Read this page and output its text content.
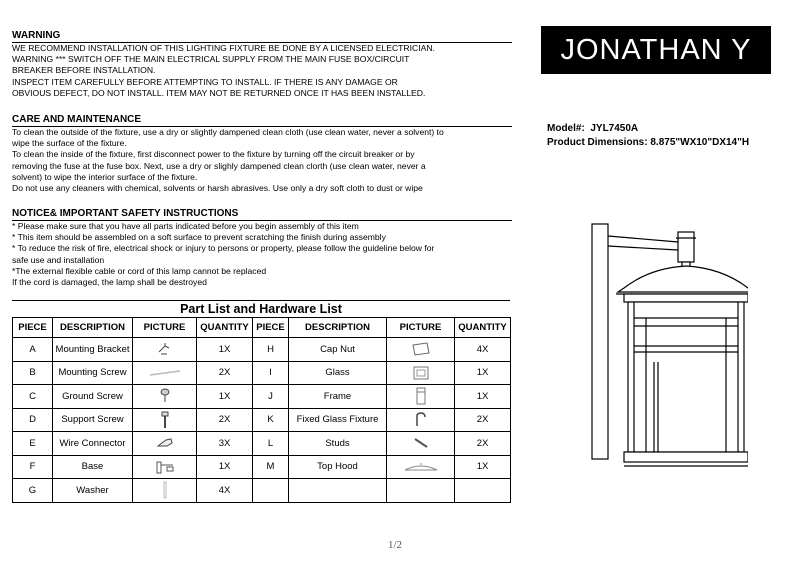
WARNING
WE RECOMMEND INSTALLATION OF THIS LIGHTING FIXTURE BE DONE BY A LICENSED ELECTRICIAN.
WARNING *** SWITCH OFF THE MAIN ELECTRICAL SUPPLY FROM THE MAIN FUSE BOX/CIRCUIT
BREAKER BEFORE INSTALLATION.
INSPECT ITEM CAREFULLY BEFORE ATTEMPTING TO INSTALL. IF THERE IS ANY DAMAGE OR
OBVIOUS DEFECT, DO NOT INSTALL. ITEM MAY NOT BE RETURNED ONCE IT HAS BEEN INSTALLED.
CARE AND MAINTENANCE
To clean the outside of the fixture, use a dry or slightly dampened clean cloth (use clean water, never a solvent) to
wipe the surface of the fixture.
To clean the inside of the fixture, first disconnect power to the fixture by turning off the circuit breaker or by
removing the fuse at the fuse box. Next, use a dry or slighly dampened clean clorth (use clean water, never a
solvent) to wipe the interior surface of the fixture.
Do not use any cleaners with chemical, solvents or harsh abrasives. Use only a dry soft cloth to dust or wipe
NOTICE& IMPORTANT SAFETY INSTRUCTIONS
* Please make sure that you have all parts indicated before you begin assembly of this item
* This item should be assembled on a soft surface to prevent scratching the finish during assembly
* To reduce the risk of fire, electrical shock or injury to persons or property, please follow the guideline below for
safe use and installation
*The external flexible cable or cord of this lamp cannot be replaced
If the cord is damaged, the lamp shall be destroyed
JONATHAN Y
Model#: JYL7450A
Product Dimensions: 8.875"WX10"DX14"H
Part List and Hardware List
PIECE	DESCRIPTION	PICTURE	QUANTITY	PIECE	DESCRIPTION	PICTURE	QUANTITY
A	Mounting Bracket		1X	H	Cap Nut		4X
B	Mounting Screw		2X	I	Glass		1X
C	Ground Screw		1X	J	Frame		1X
D	Support Screw		2X	K	Fixed Glass Fixture		2X
E	Wire Connector		3X	L	Studs		2X
F	Base		1X	M	Top Hood		1X
G	Washer		4X				
1/2
